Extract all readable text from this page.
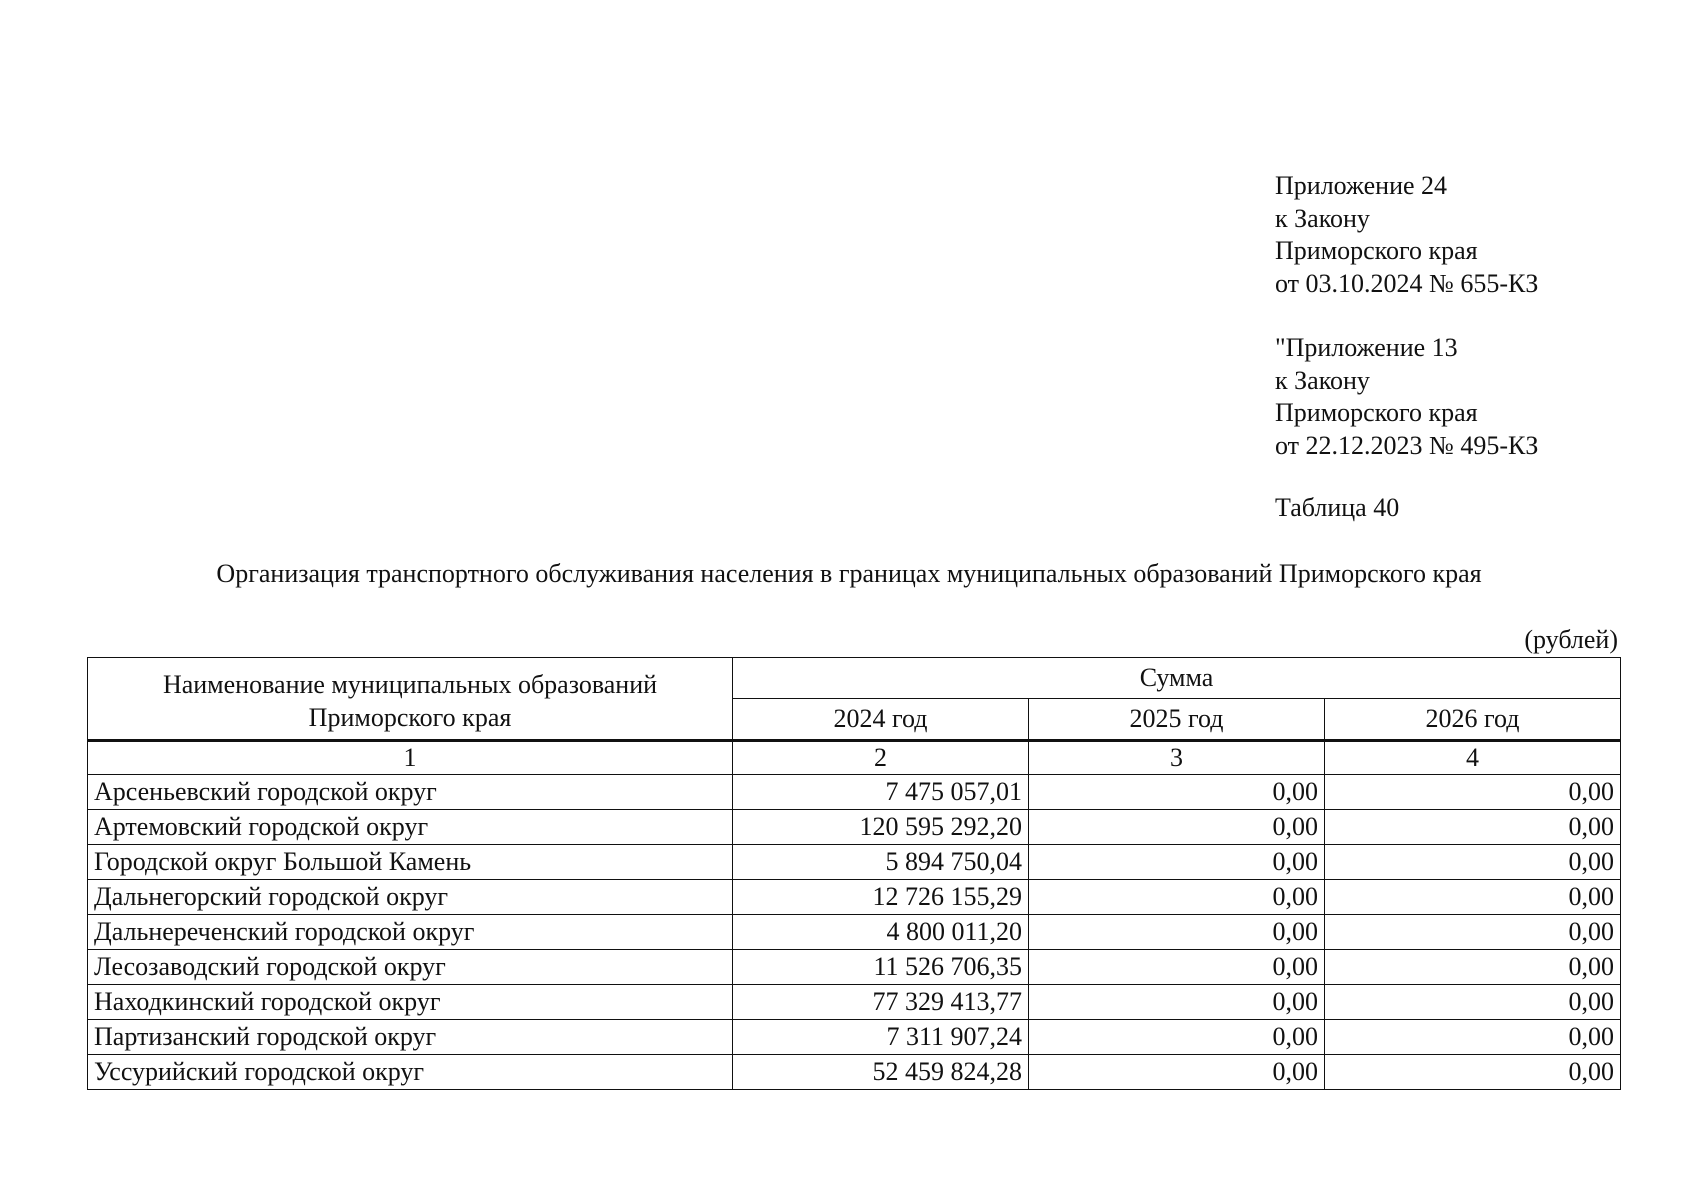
Приложение 24
к Закону
Приморского края
от 03.10.2024 № 655-КЗ
"Приложение 13
к Закону
Приморского края
от 22.12.2023 № 495-КЗ
Таблица 40
Организация транспортного обслуживания населения в границах муниципальных образований Приморского края
(рублей)
Наименование муниципальных образований
Приморского края	Сумма		
	2024 год	2025 год	2026 год
1	2	3	4
Арсеньевский городской округ	7 475 057,01	0,00	0,00
Артемовский городской округ	120 595 292,20	0,00	0,00
Городской округ Большой Камень	5 894 750,04	0,00	0,00
Дальнегорский городской округ	12 726 155,29	0,00	0,00
Дальнереченский городской округ	4 800 011,20	0,00	0,00
Лесозаводский городской округ	11 526 706,35	0,00	0,00
Находкинский городской округ	77 329 413,77	0,00	0,00
Партизанский городской округ	7 311 907,24	0,00	0,00
Уссурийский городской округ	52 459 824,28	0,00	0,00
